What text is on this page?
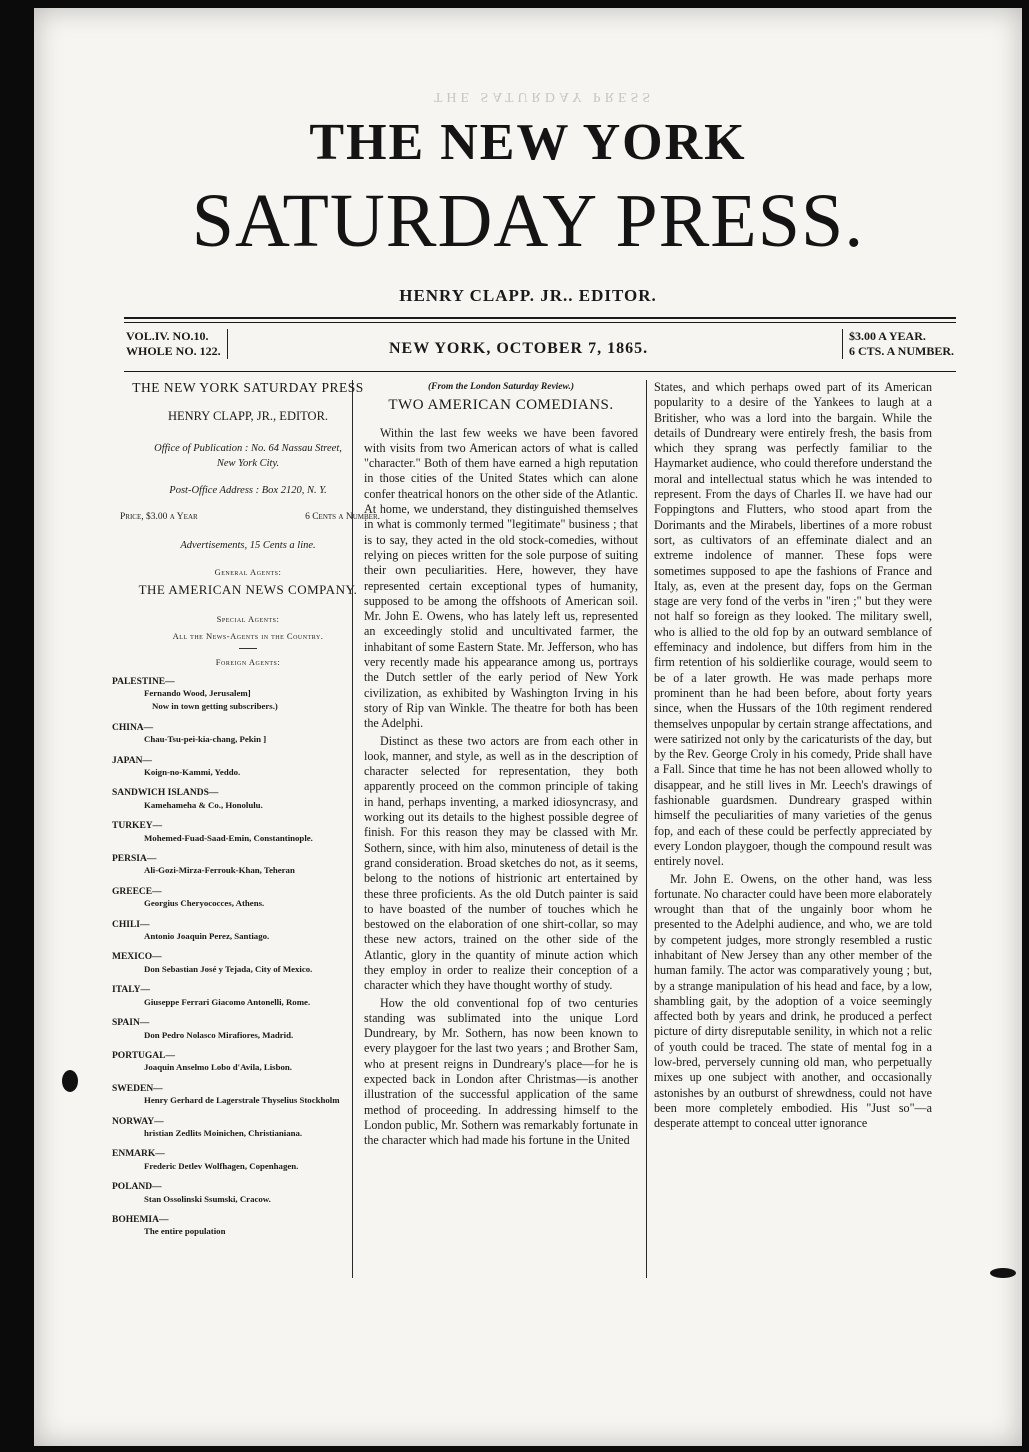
THE SATURDAY PRESS
THE NEW YORK
SATURDAY PRESS.
HENRY CLAPP. JR.. EDITOR.
VOL.IV. NO.10.
WHOLE NO. 122.	NEW YORK, OCTOBER 7, 1865.
$3.00 A YEAR.
6 CTS. A NUMBER.
THE NEW YORK SATURDAY PRESS
HENRY CLAPP, JR., EDITOR.
Office of Publication : No. 64 Nassau Street,
New York City.
Post-Office Address : Box 2120, N. Y.
Price, $3.00 a Year	6 Cents a Number.
Advertisements, 15 Cents a line.
General Agents:
THE AMERICAN NEWS COMPANY.
Special Agents:
All the News-Agents in the Country.
Foreign Agents:
PALESTINE—
Fernando Wood, Jerusalem]
Now in town getting subscribers.)
CHINA—
Chau-Tsu-pei-kia-chang, Pekin ]
JAPAN—
Koign-no-Kammi, Yeddo.
SANDWICH ISLANDS—
Kamehameha & Co., Honolulu.
TURKEY—
Mohemed-Fuad-Saad-Emin, Constantinople.
PERSIA—
Ali-Gozi-Mirza-Ferrouk-Khan, Teheran
GREECE—
Georgius Cheryococces, Athens.
CHILI—
Antonio Joaquin Perez, Santiago.
MEXICO—
Don Sebastian José y Tejada, City of Mexico.
ITALY—
Giuseppe Ferrari Giacomo Antonelli, Rome.
SPAIN—
Don Pedro Nolasco Mirafiores, Madrid.
PORTUGAL—
Joaquin Anselmo Lobo d'Avila, Lisbon.
SWEDEN—
Henry Gerhard de Lagerstrale Thyselius Stockholm
NORWAY—
hristian Zedlits Moinichen, Christianiana.
ENMARK—
Frederic Detlev Wolfhagen, Copenhagen.
POLAND—
Stan Ossolinski Ssumski, Cracow.
BOHEMIA—
The entire population
(From the London Saturday Review.)
TWO AMERICAN COMEDIANS.

Within the last few weeks we have been favored with visits from two American actors of what is called "character." Both of them have earned a high reputation in those cities of the United States which can alone confer theatrical honors on the other side of the Atlantic. At home, we understand, they distinguished themselves in what is commonly termed "legitimate" business ; that is to say, they acted in the old stock-comedies, without relying on pieces written for the sole purpose of suiting their own peculiarities. Here, however, they have represented certain exceptional types of humanity, supposed to be among the offshoots of American soil. Mr. John E. Owens, who has lately left us, represented an exceedingly stolid and uncultivated farmer, the inhabitant of some Eastern State. Mr. Jefferson, who has very recently made his appearance among us, portrays the Dutch settler of the early period of New York civilization, as exhibited by Washington Irving in his story of Rip van Winkle. The theatre for both has been the Adelphi.

Distinct as these two actors are from each other in look, manner, and style, as well as in the description of character selected for representation, they both apparently proceed on the common principle of taking in hand, perhaps inventing, a marked idiosyncrasy, and working out its details to the highest possible degree of finish. For this reason they may be classed with Mr. Sothern, since, with him also, minuteness of detail is the grand consideration. Broad sketches do not, as it seems, belong to the notions of histrionic art entertained by these three proficients. As the old Dutch painter is said to have boasted of the number of touches which he bestowed on the elaboration of one shirt-collar, so may these new actors, trained on the other side of the Atlantic, glory in the quantity of minute action which they employ in order to realize their conception of a character which they have thought worthy of study.

How the old conventional fop of two centuries standing was sublimated into the unique Lord Dundreary, by Mr. Sothern, has now been known to every playgoer for the last two years ; and Brother Sam, who at present reigns in Dundreary's place—for he is expected back in London after Christmas—is another illustration of the successful application of the same method of proceeding. In addressing himself to the London public, Mr. Sothern was remarkably fortunate in the character which had made his fortune in the United

States, and which perhaps owed part of its American popularity to a desire of the Yankees to laugh at a Britisher, who was a lord into the bargain. While the details of Dundreary were entirely fresh, the basis from which they sprang was perfectly familiar to the Haymarket audience, who could therefore understand the moral and intellectual status which he was intended to represent. From the days of Charles II. we have had our Foppingtons and Flutters, who stood apart from the Dorimants and the Mirabels, libertines of a more robust sort, as cultivators of an effeminate dialect and an extreme indolence of manner. These fops were sometimes supposed to ape the fashions of France and Italy, as, even at the present day, fops on the German stage are very fond of the verbs in "iren ;" but they were not half so foreign as they looked. The military swell, who is allied to the old fop by an outward semblance of effeminacy and indolence, but differs from him in the firm retention of his soldierlike courage, would seem to be of a later growth. He was made perhaps more prominent than he had been before, about forty years since, when the Hussars of the 10th regiment rendered themselves unpopular by certain strange affectations, and were satirized not only by the caricaturists of the day, but by the Rev. George Croly in his comedy, Pride shall have a Fall. Since that time he has not been allowed wholly to disappear, and he still lives in Mr. Leech's drawings of fashionable guardsmen. Dundreary grasped within himself the peculiarities of many varieties of the genus fop, and each of these could be perfectly appreciated by every London playgoer, though the compound result was entirely novel.

Mr. John E. Owens, on the other hand, was less fortunate. No character could have been more elaborately wrought than that of the ungainly boor whom he presented to the Adelphi audience, and who, we are told by competent judges, more strongly resembled a rustic inhabitant of New Jersey than any other member of the human family. The actor was comparatively young ; but, by a strange manipulation of his head and face, by a low, shambling gait, by the adoption of a voice seemingly affected both by years and drink, he produced a perfect picture of dirty disreputable senility, in which not a relic of youth could be traced. The state of mental fog in a low-bred, perversely cunning old man, who perpetually mixes up one subject with another, and occasionally astonishes by an outburst of shrewdness, could not have been more completely embodied. His "Just so"—a desperate attempt to conceal utter ignorance
